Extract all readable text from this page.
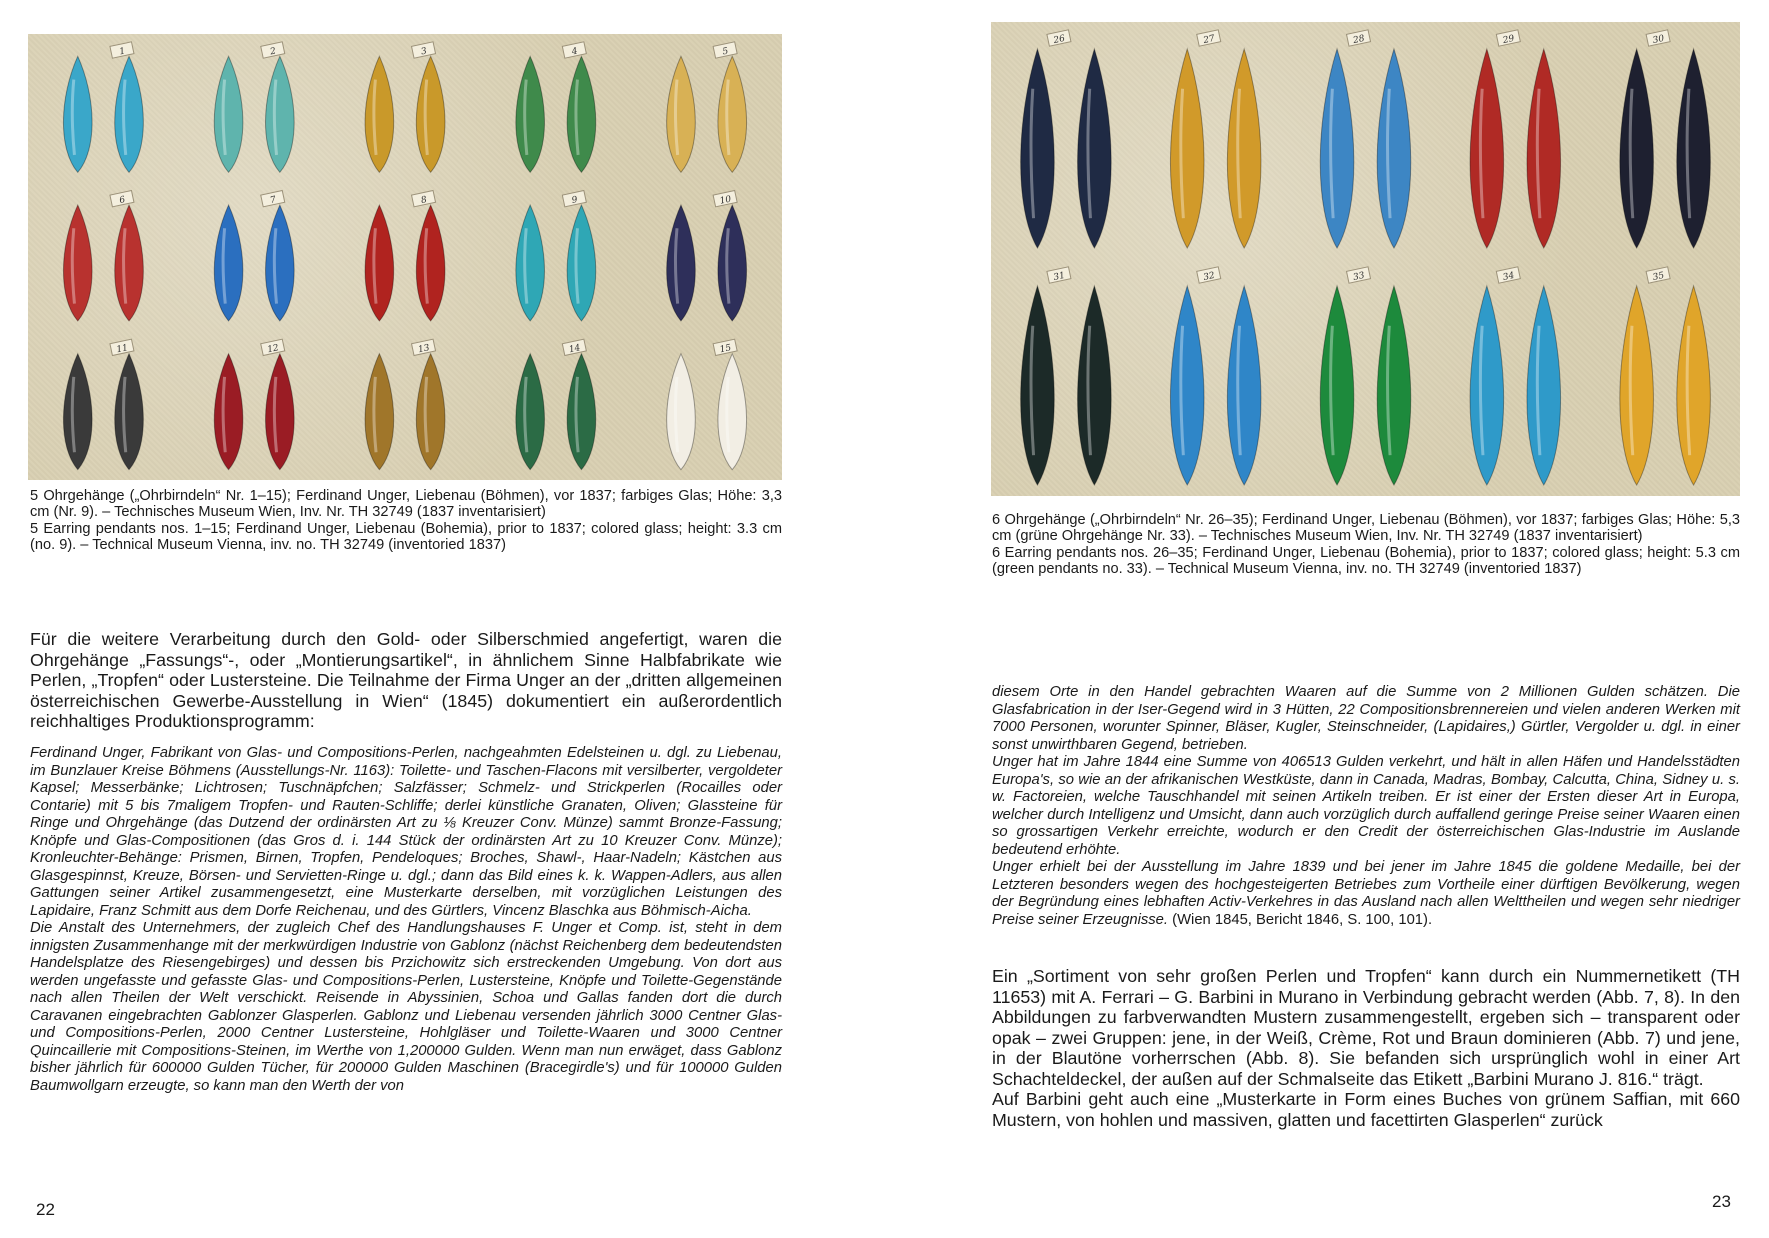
1	2	3	4	5
6	7	8	9	10
11	12	13	14	15

5 Ohrgehänge („Ohrbirndeln“ Nr. 1–15); Ferdinand Unger, Liebenau (Böhmen), vor 1837; farbiges Glas; Höhe: 3,3 cm (Nr. 9). – Technisches Museum Wien, Inv. Nr. TH 32749 (1837 inventarisiert)

5 Earring pendants nos. 1–15; Ferdinand Unger, Liebenau (Bohemia), prior to 1837; colored glass; height: 3.3 cm (no. 9). – Technical Museum Vienna, inv. no. TH 32749 (inventoried 1837)

Für die weitere Verarbeitung durch den Gold- oder Silberschmied angefertigt, waren die Ohrgehänge „Fassungs“-, oder „Montierungsartikel“, in ähnlichem Sinne Halbfabrikate wie Perlen, „Tropfen“ oder Lustersteine. Die Teilnahme der Firma Unger an der „dritten allgemeinen österreichischen Gewerbe-Ausstellung in Wien“ (1845) dokumentiert ein außerordentlich reichhaltiges Produktionsprogramm:

Ferdinand Unger, Fabrikant von Glas- und Compositions-Perlen, nachgeahmten Edelsteinen u. dgl. zu Liebenau, im Bunzlauer Kreise Böhmens (Ausstellungs-Nr. 1163): Toilette- und Taschen-Flacons mit versilberter, vergoldeter Kapsel; Messerbänke; Lichtrosen; Tuschnäpfchen; Salzfässer; Schmelz- und Strickperlen (Rocailles oder Contarie) mit 5 bis 7maligem Tropfen- und Rauten-Schliffe; derlei künstliche Granaten, Oliven; Glassteine für Ringe und Ohrgehänge (das Dutzend der ordinärsten Art zu ⅛ Kreuzer Conv. Münze) sammt Bronze-Fassung; Knöpfe und Glas-Compositionen (das Gros d. i. 144 Stück der ordinärsten Art zu 10 Kreuzer Conv. Münze); Kronleuchter-Behänge: Prismen, Birnen, Tropfen, Pendeloques; Broches, Shawl-, Haar-Nadeln; Kästchen aus Glasgespinnst, Kreuze, Börsen- und Servietten-Ringe u. dgl.; dann das Bild eines k. k. Wappen-Adlers, aus allen Gattungen seiner Artikel zusammengesetzt, eine Musterkarte derselben, mit vorzüglichen Leistungen des Lapidaire, Franz Schmitt aus dem Dorfe Reichenau, und des Gürtlers, Vincenz Blaschka aus Böhmisch-Aicha.

Die Anstalt des Unternehmers, der zugleich Chef des Handlungshauses F. Unger et Comp. ist, steht in dem innigsten Zusammenhange mit der merkwürdigen Industrie von Gablonz (nächst Reichenberg dem bedeutendsten Handelsplatze des Riesengebirges) und dessen bis Przichowitz sich erstreckenden Umgebung. Von dort aus werden ungefasste und gefasste Glas- und Compositions-Perlen, Lustersteine, Knöpfe und Toilette-Gegenstände nach allen Theilen der Welt verschickt. Reisende in Abyssinien, Schoa und Gallas fanden dort die durch Caravanen eingebrachten Gablonzer Glasperlen. Gablonz und Liebenau versenden jährlich 3000 Centner Glas- und Compositions-Perlen, 2000 Centner Lustersteine, Hohlgläser und Toilette-Waaren und 3000 Centner Quincaillerie mit Compositions-Steinen, im Werthe von 1,200000 Gulden. Wenn man nun erwäget, dass Gablonz bisher jährlich für 600000 Gulden Tücher, für 200000 Gulden Maschinen (Bracegirdle's) und für 100000 Gulden Baumwollgarn erzeugte, so kann man den Werth der von

22
26	27	28	29	30
31	32	33	34	35

6 Ohrgehänge („Ohrbirndeln“ Nr. 26–35); Ferdinand Unger, Liebenau (Böhmen), vor 1837; farbiges Glas; Höhe: 5,3 cm (grüne Ohrgehänge Nr. 33). – Technisches Museum Wien, Inv. Nr. TH 32749 (1837 inventarisiert)

6 Earring pendants nos. 26–35; Ferdinand Unger, Liebenau (Bohemia), prior to 1837; colored glass; height: 5.3 cm (green pendants no. 33). – Technical Museum Vienna, inv. no. TH 32749 (inventoried 1837)

diesem Orte in den Handel gebrachten Waaren auf die Summe von 2 Millionen Gulden schätzen. Die Glasfabrication in der Iser-Gegend wird in 3 Hütten, 22 Compositionsbrennereien und vielen anderen Werken mit 7000 Personen, worunter Spinner, Bläser, Kugler, Steinschneider, (Lapidaires,) Gürtler, Vergolder u. dgl. in einer sonst unwirthbaren Gegend, betrieben.

Unger hat im Jahre 1844 eine Summe von 406513 Gulden verkehrt, und hält in allen Häfen und Handelsstädten Europa's, so wie an der afrikanischen Westküste, dann in Canada, Madras, Bombay, Calcutta, China, Sidney u. s. w. Factoreien, welche Tauschhandel mit seinen Artikeln treiben. Er ist einer der Ersten dieser Art in Europa, welcher durch Intelligenz und Umsicht, dann auch vorzüglich durch auffallend geringe Preise seiner Waaren einen so grossartigen Verkehr erreichte, wodurch er den Credit der österreichischen Glas-Industrie im Auslande bedeutend erhöhte.

Unger erhielt bei der Ausstellung im Jahre 1839 und bei jener im Jahre 1845 die goldene Medaille, bei der Letzteren besonders wegen des hochgesteigerten Betriebes zum Vortheile einer dürftigen Bevölkerung, wegen der Begründung eines lebhaften Activ-Verkehres in das Ausland nach allen Welttheilen und wegen sehr niedriger Preise seiner Erzeugnisse. (Wien 1845, Bericht 1846, S. 100, 101).

Ein „Sortiment von sehr großen Perlen und Tropfen“ kann durch ein Nummernetikett (TH 11653) mit A. Ferrari – G. Barbini in Murano in Verbindung gebracht werden (Abb. 7, 8). In den Abbildungen zu farbverwandten Mustern zusammengestellt, ergeben sich – transparent oder opak – zwei Gruppen: jene, in der Weiß, Crème, Rot und Braun dominieren (Abb. 7) und jene, in der Blautöne vorherrschen (Abb. 8). Sie befanden sich ursprünglich wohl in einer Art Schachteldeckel, der außen auf der Schmalseite das Etikett „Barbini Murano J. 816.“ trägt.

Auf Barbini geht auch eine „Musterkarte in Form eines Buches von grünem Saffian, mit 660 Mustern, von hohlen und massiven, glatten und facettirten Glasperlen“ zurück

23
